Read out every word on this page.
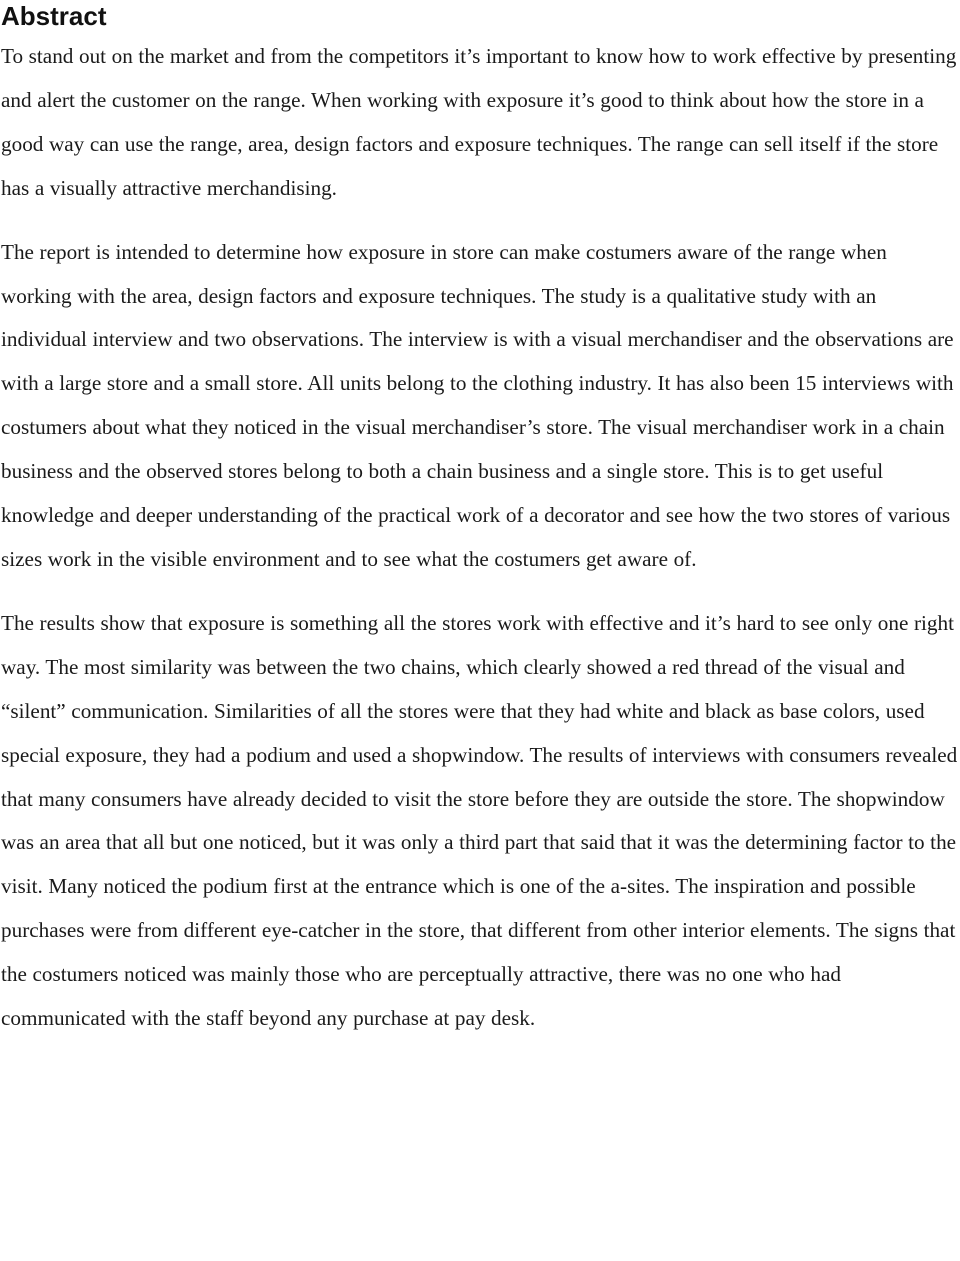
Abstract

To stand out on the market and from the competitors it’s important to know how to work effective by presenting and alert the customer on the range. When working with exposure it’s good to think about how the store in a good way can use the range, area, design factors and exposure techniques. The range can sell itself if the store has a visually attractive merchandising.

The report is intended to determine how exposure in store can make costumers aware of the range when working with the area, design factors and exposure techniques. The study is a qualitative study with an individual interview and two observations. The interview is with a visual merchandiser and the observations are with a large store and a small store. All units belong to the clothing industry. It has also been 15 interviews with costumers about what they noticed in the visual merchandiser’s store. The visual merchandiser work in a chain business and the observed stores belong to both a chain business and a single store. This is to get useful knowledge and deeper understanding of the practical work of a decorator and see how the two stores of various sizes work in the visible environment and to see what the costumers get aware of.

The results show that exposure is something all the stores work with effective and it’s hard to see only one right way. The most similarity was between the two chains, which clearly showed a red thread of the visual and “silent” communication. Similarities of all the stores were that they had white and black as base colors, used special exposure, they had a podium and used a shopwindow. The results of interviews with consumers revealed that many consumers have already decided to visit the store before they are outside the store. The shopwindow was an area that all but one noticed, but it was only a third part that said that it was the determining factor to the visit. Many noticed the podium first at the entrance which is one of the a-sites. The inspiration and possible purchases were from different eye-catcher in the store, that different from other interior elements. The signs that the costumers noticed was mainly those who are perceptually attractive, there was no one who had communicated with the staff beyond any purchase at pay desk.
